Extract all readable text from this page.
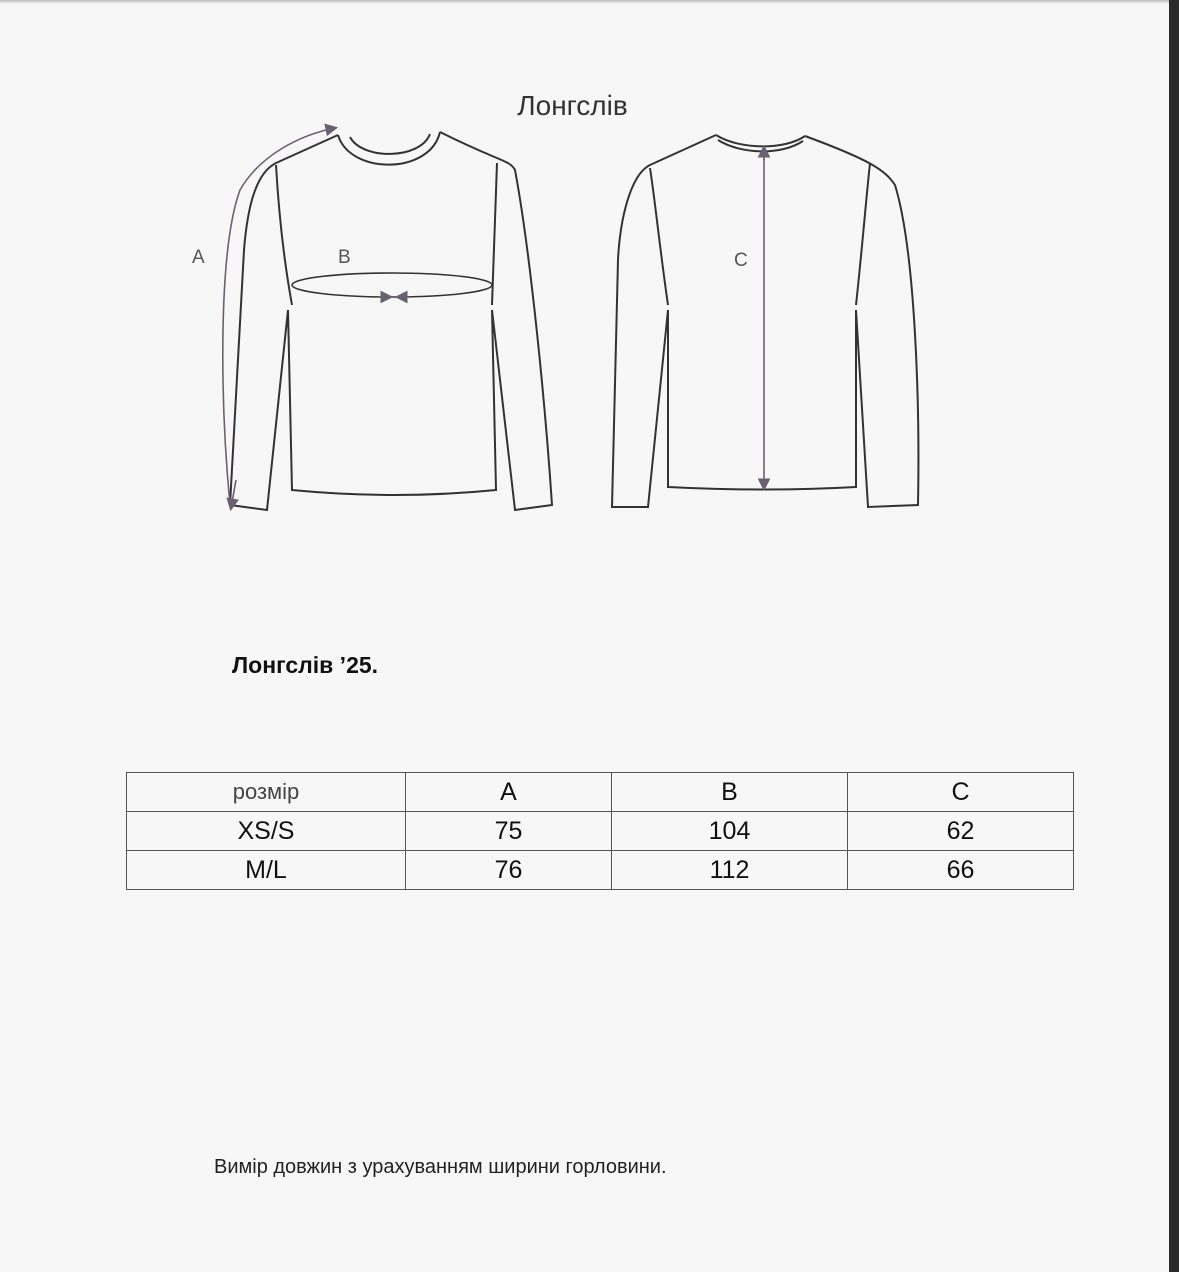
Лонгслів
A	B	C
Лонгслів ’25.
розмір	A	B	C
XS/S	75	104	62
M/L	76	112	66
Вимір довжин з урахуванням ширини горловини.
